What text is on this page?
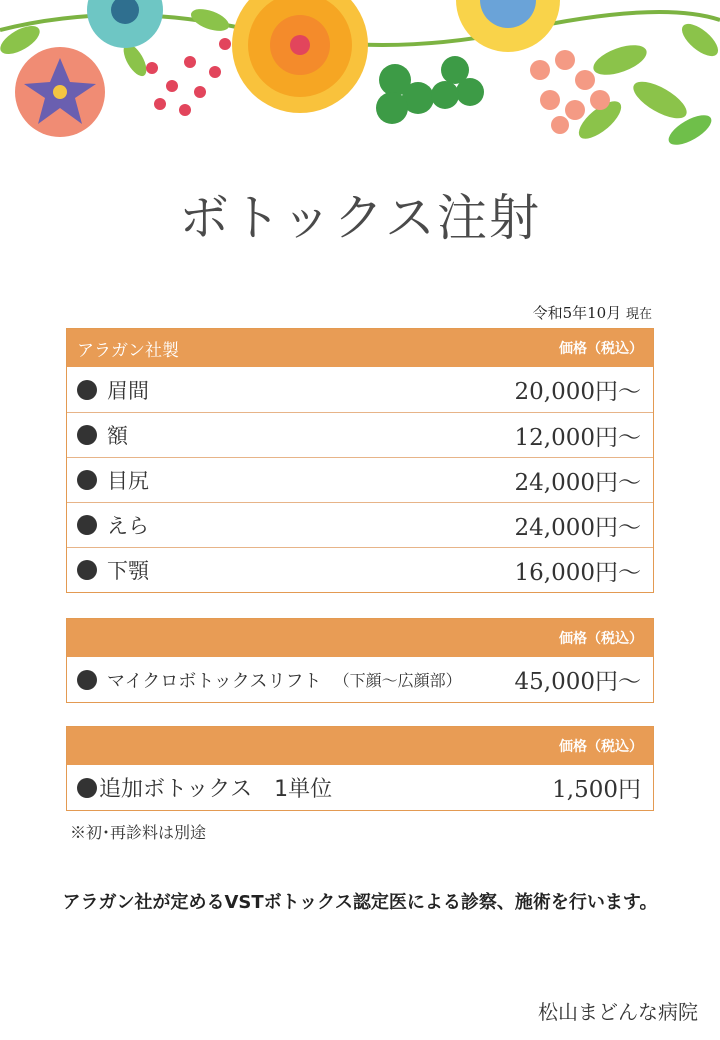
ボトックス注射
令和5年10月 現在
アラガン社製	価格（税込）
眉間	20,000円～
額	12,000円～
目尻	24,000円～
えら	24,000円～
下顎	16,000円～
価格（税込）
マイクロボトックスリフト （下顔～広顔部） 45,000円～
価格（税込）
追加ボトックス　1単位	1,500円
※初･再診料は別途
アラガン社が定めるVSTボトックス認定医による診察、施術を行います。
松山まどんな病院
